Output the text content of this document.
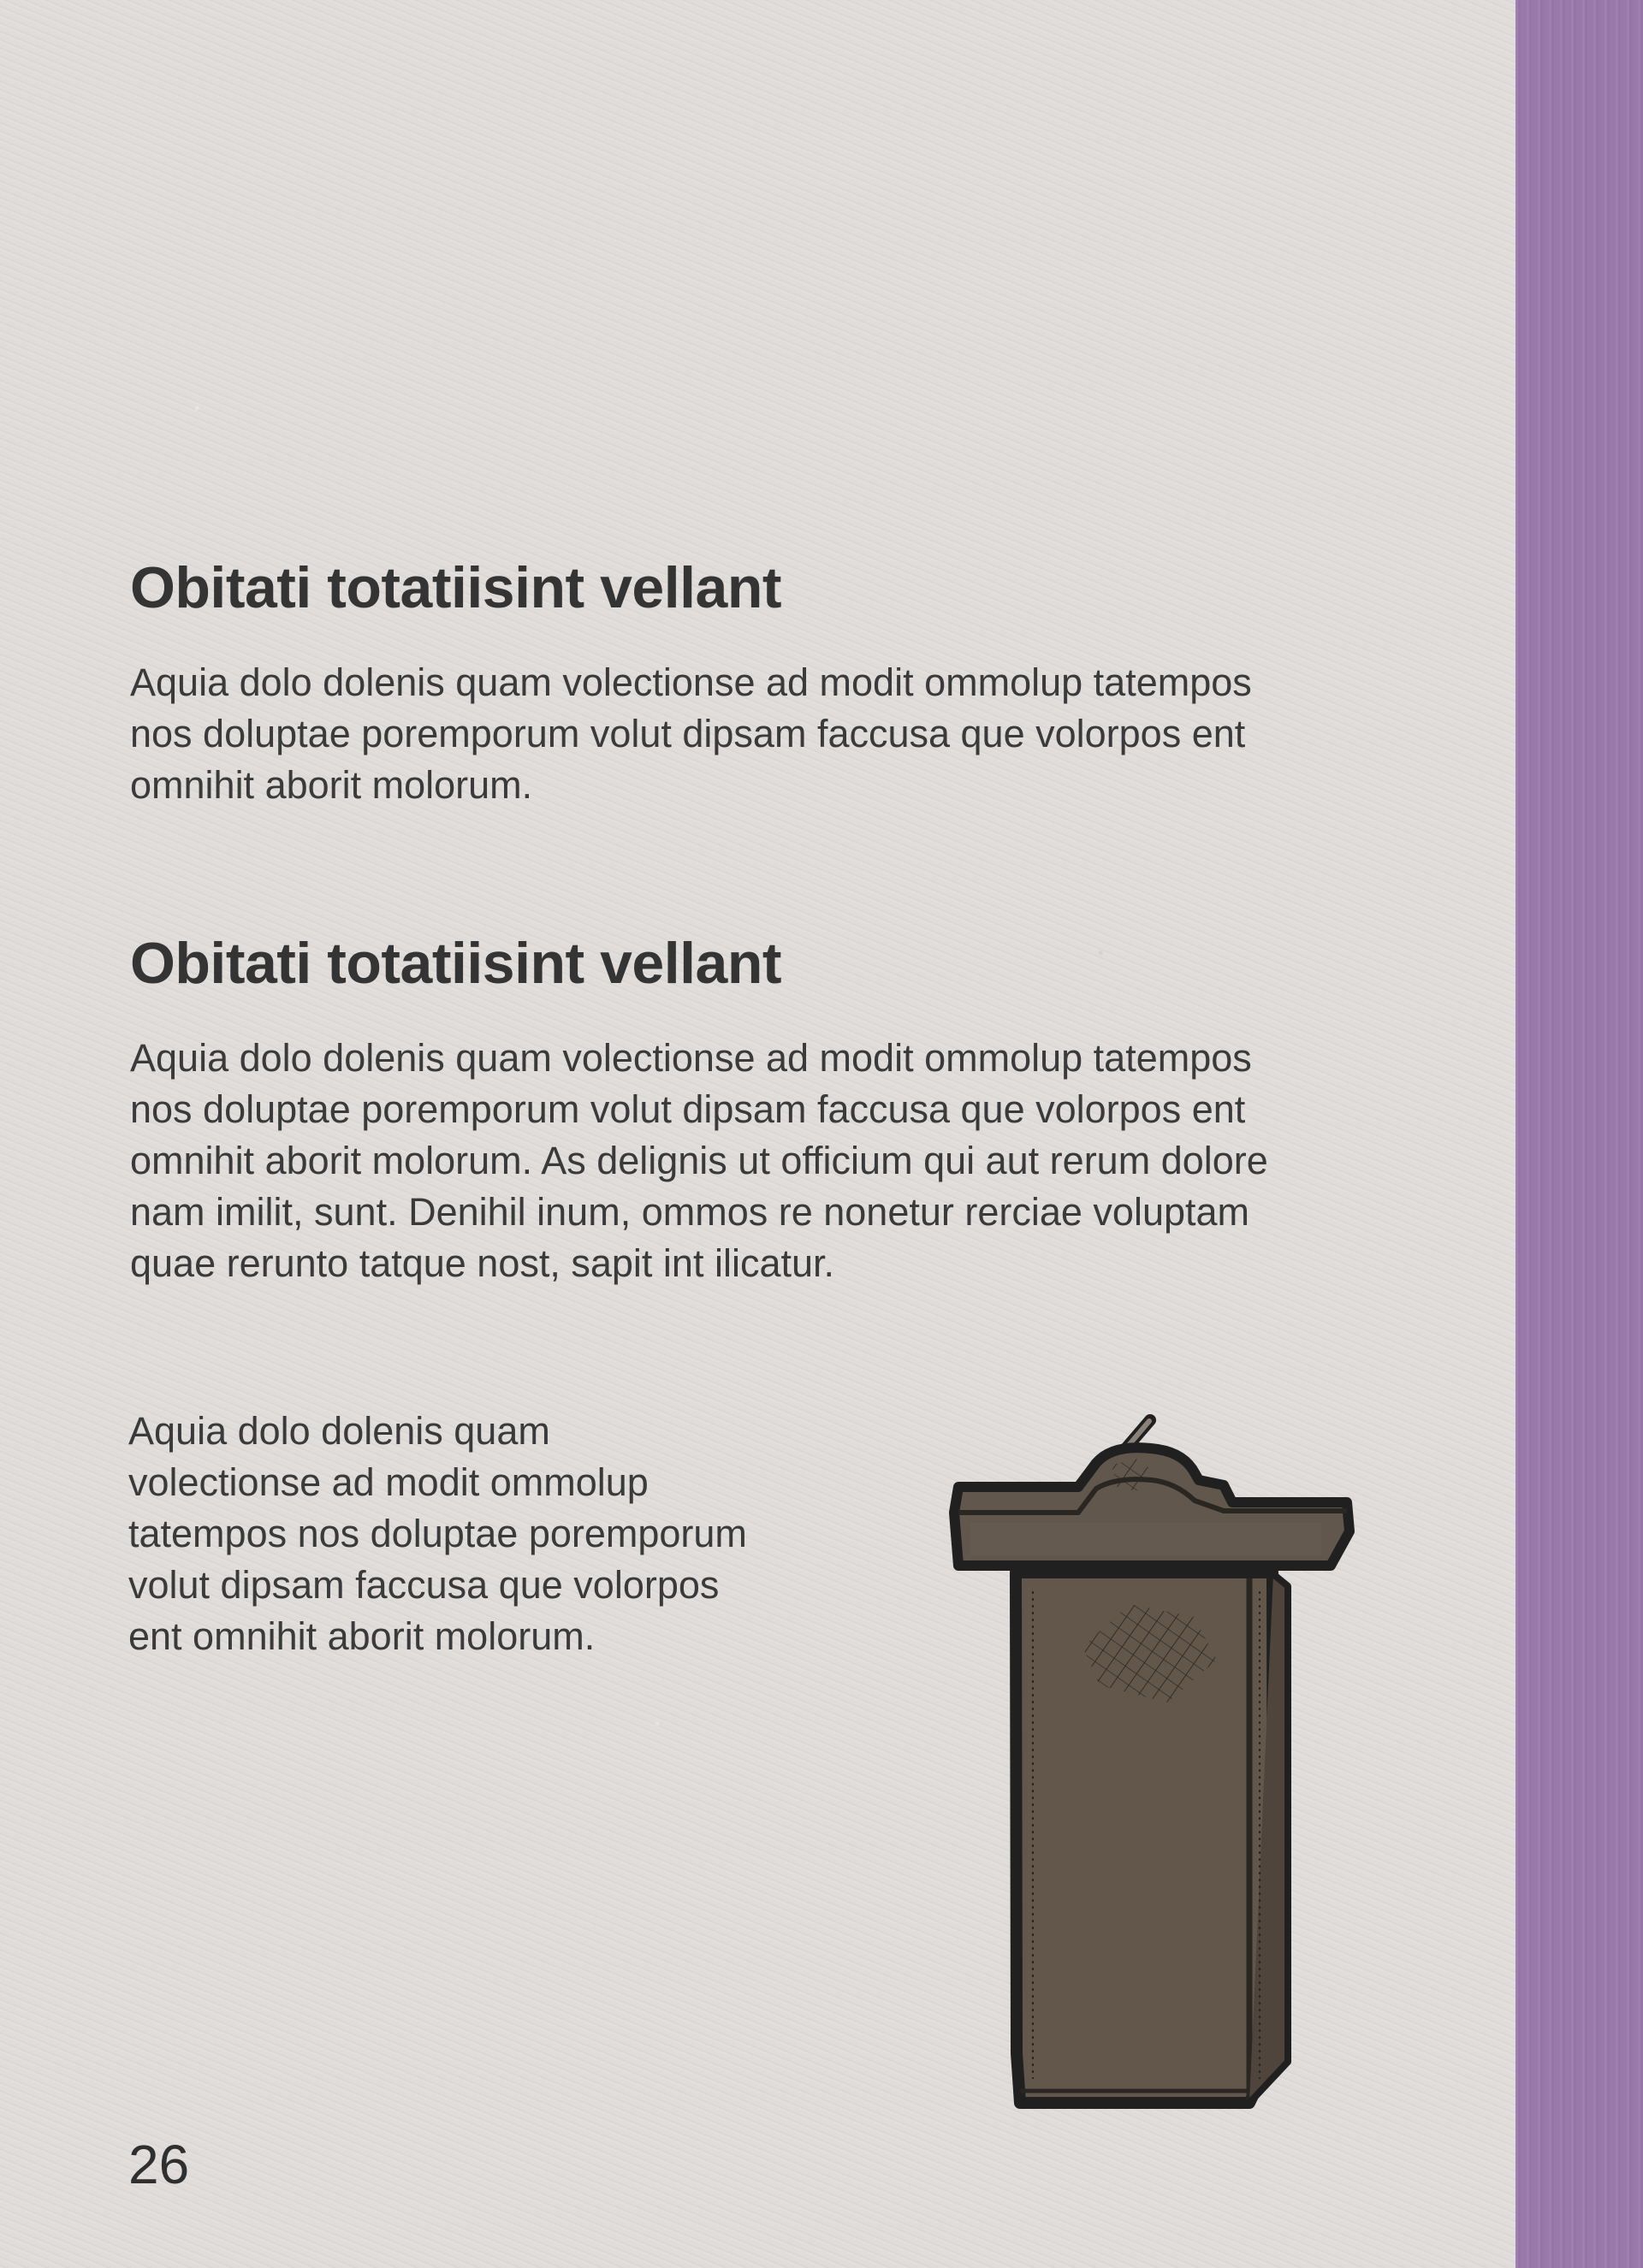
Obitati totatiisint vellant

Aquia dolo dolenis quam volectionse ad modit ommolup tatempos
nos doluptae poremporum volut dipsam faccusa que volorpos ent
omnihit aborit molorum.

Obitati totatiisint vellant

Aquia dolo dolenis quam volectionse ad modit ommolup tatempos
nos doluptae poremporum volut dipsam faccusa que volorpos ent
omnihit aborit molorum. As delignis ut officium qui aut rerum dolore
nam imilit, sunt. Denihil inum, ommos re nonetur rerciae voluptam
quae rerunto tatque nost, sapit int ilicatur.

Aquia dolo dolenis quam
volectionse ad modit ommolup
tatempos nos doluptae poremporum
volut dipsam faccusa que volorpos
ent omnihit aborit molorum.

26
